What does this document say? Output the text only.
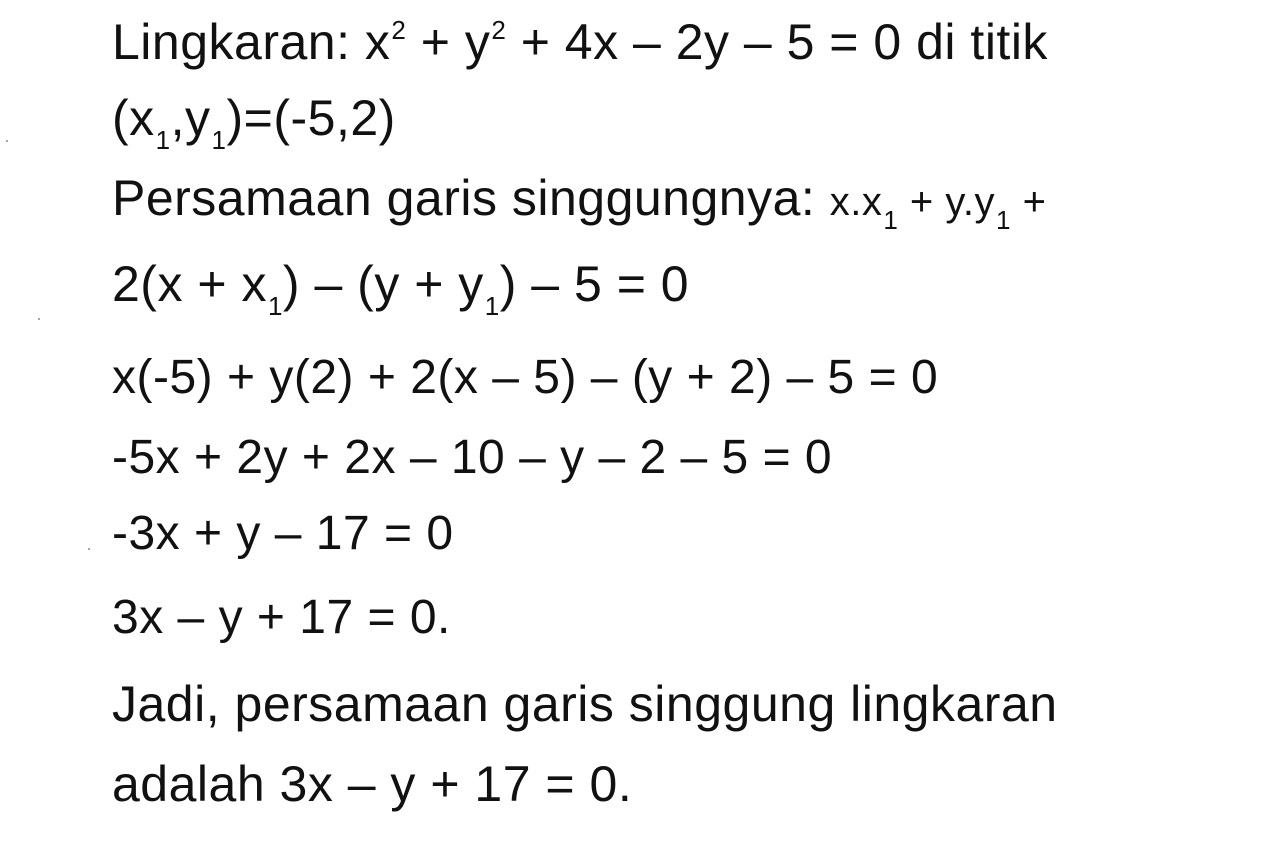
Lingkaran: $x^2 + y^2 + 4x - 2y - 5 = 0$ di titik
$(x_1,y_1)=(-5,2)$
Persamaan garis singgungnya: $x.x_1 + y.y_1$ +
$2(x + x_1) - (y + y_1) - 5 = 0$
x(-5) + y(2) + 2(x – 5) – (y + 2) – 5 = 0
-5x + 2y + 2x – 10 – y – 2 – 5 = 0
-3x + y – 17 = 0
3x – y + 17 = 0.
Jadi, persamaan garis singgung lingkaran
adalah 3x – y + 17 = 0.
